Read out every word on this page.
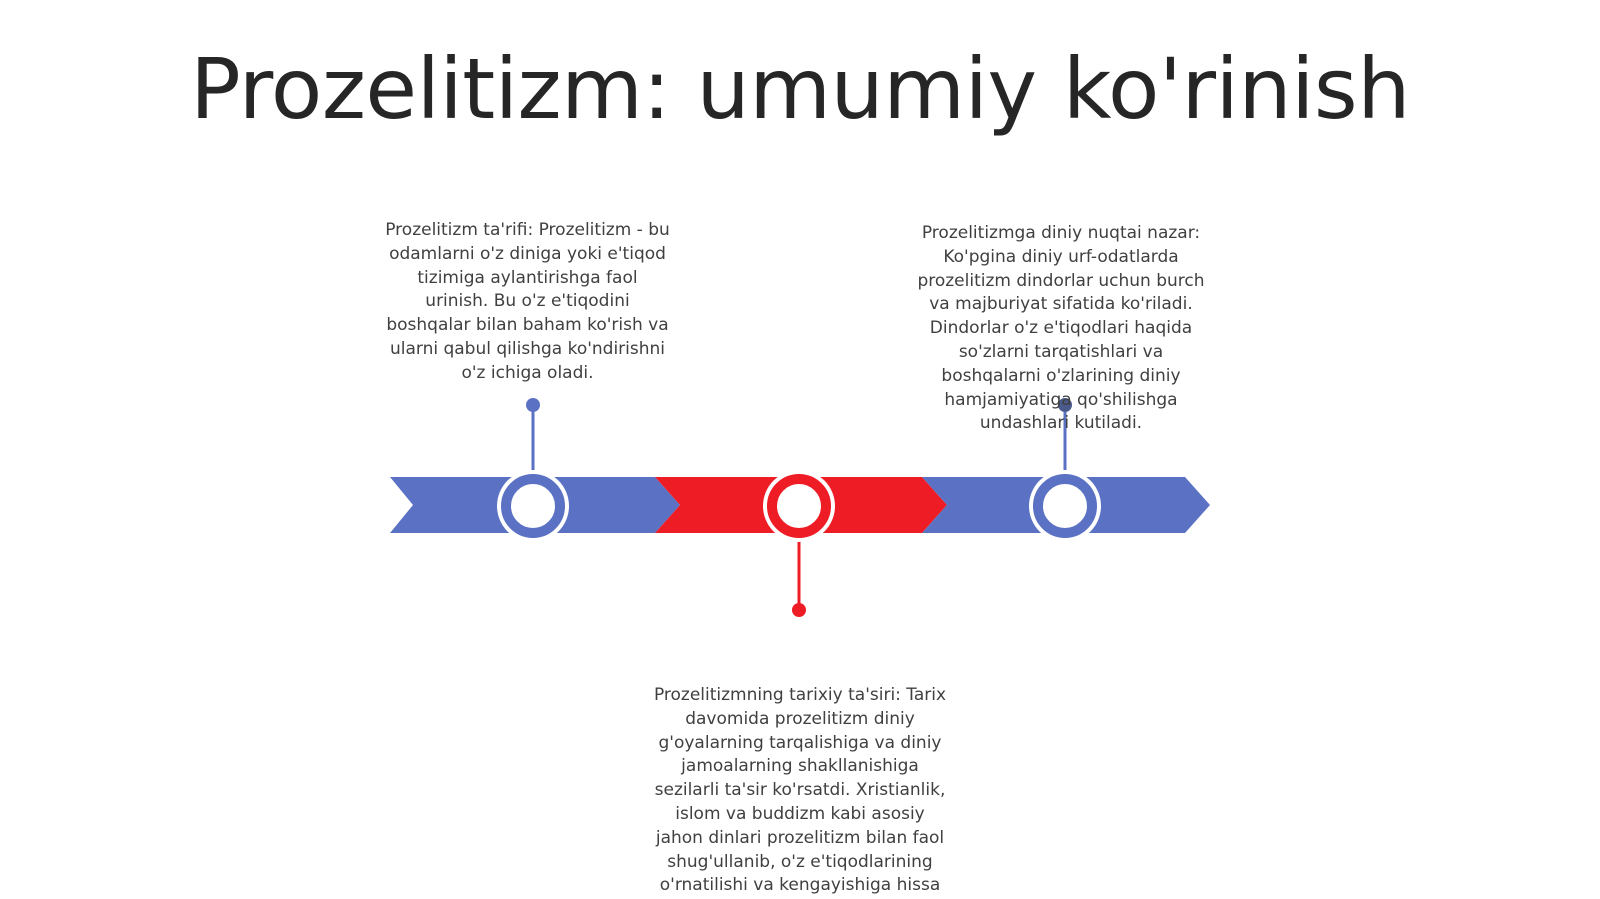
Prozelitizm: umumiy ko'rinish
Prozelitizm ta'rifi: Prozelitizm - bu odamlarni o'z diniga yoki e'tiqod tizimiga aylantirishga faol urinish. Bu o'z e'tiqodini boshqalar bilan baham ko'rish va ularni qabul qilishga ko'ndirishni o'z ichiga oladi.
Prozelitizmga diniy nuqtai nazar: Ko'pgina diniy urf-odatlarda prozelitizm dindorlar uchun burch va majburiyat sifatida ko'riladi. Dindorlar o'z e'tiqodlari haqida so'zlarni tarqatishlari va boshqalarni o'zlarining diniy hamjamiyatiga qo'shilishga undashlari kutiladi.
Prozelitizmning tarixiy ta'siri: Tarix davomida prozelitizm diniy g'oyalarning tarqalishiga va diniy jamoalarning shakllanishiga sezilarli ta'sir ko'rsatdi. Xristianlik, islom va buddizm kabi asosiy jahon dinlari prozelitizm bilan faol shug'ullanib, o'z e'tiqodlarining o'rnatilishi va kengayishiga hissa
